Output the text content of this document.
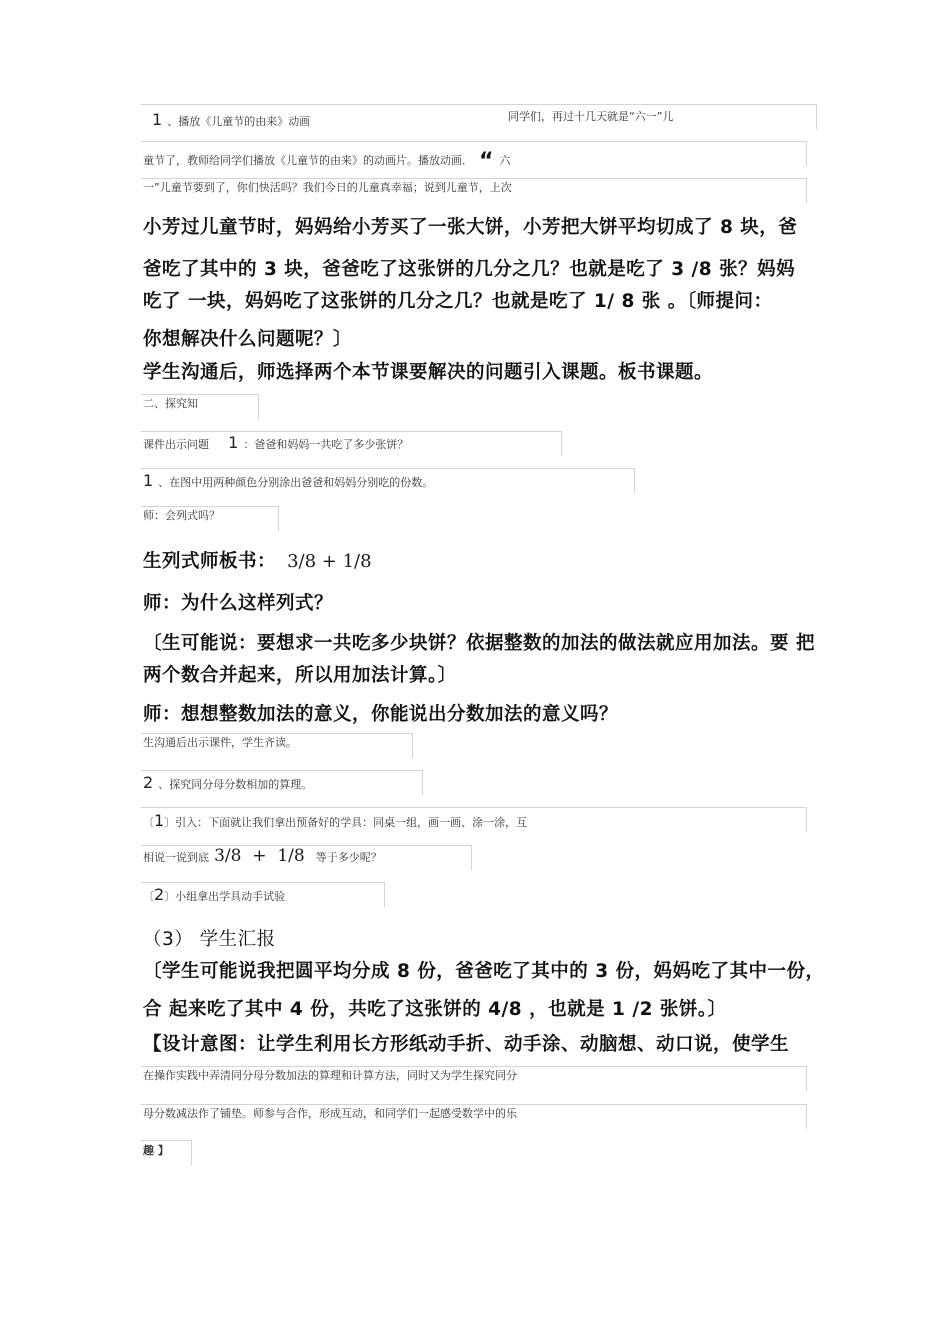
1 、播放《儿童节的由来》动画	同学们，再过十几天就是“六一”儿
童节了，教师给同学们播放《儿童节的由来》的动画片。播放动画． “ 六
一”儿童节要到了，你们快活吗？我们今日的儿童真幸福；说到儿童节，上次
小芳过儿童节时，妈妈给小芳买了一张大饼，小芳把大饼平均切成了 8 块，爸
爸吃了其中的 3 块，爸爸吃了这张饼的几分之几？也就是吃了 3 /8 张？妈妈
吃了 一块，妈妈吃了这张饼的几分之几？也就是吃了 1/ 8 张 。〔师提问：
你想解决什么问题呢？〕
学生沟通后，师选择两个本节课要解决的问题引入课题。板书课题。
二、探究知
课件出示问题 1 ：爸爸和妈妈一共吃了多少张饼？
1 、在图中用两种颜色分别涂出爸爸和妈妈分别吃的份数。
师：会列式吗？
生列式师板书： 3/8 + 1/8
师：为什么这样列式？
〔生可能说：要想求一共吃多少块饼？依据整数的加法的做法就应用加法。要 把
两个数合并起来，所以用加法计算。〕
师：想想整数加法的意义，你能说出分数加法的意义吗？
生沟通后出示课件，学生齐读。
2 、探究同分母分数相加的算理。
〔1〕引入：下面就让我们拿出预备好的学具：同桌一组，画一画、涂一涂，互
相说一说到底 3/8  +  1/8 等于多少呢？
〔2〕小组拿出学具动手试验
（3） 学生汇报
〔学生可能说我把圆平均分成 8 份，爸爸吃了其中的 3 份，妈妈吃了其中一份，
合 起来吃了其中 4 份，共吃了这张饼的 4/8 ，也就是 1 /2 张饼。〕
【设计意图：让学生利用长方形纸动手折、动手涂、动脑想、动口说，使学生
在操作实践中弄清同分母分数加法的算理和计算方法，同时又为学生探究同分
母分数减法作了铺垫。师参与合作，形成互动，和同学们一起感受数学中的乐
趣 】
